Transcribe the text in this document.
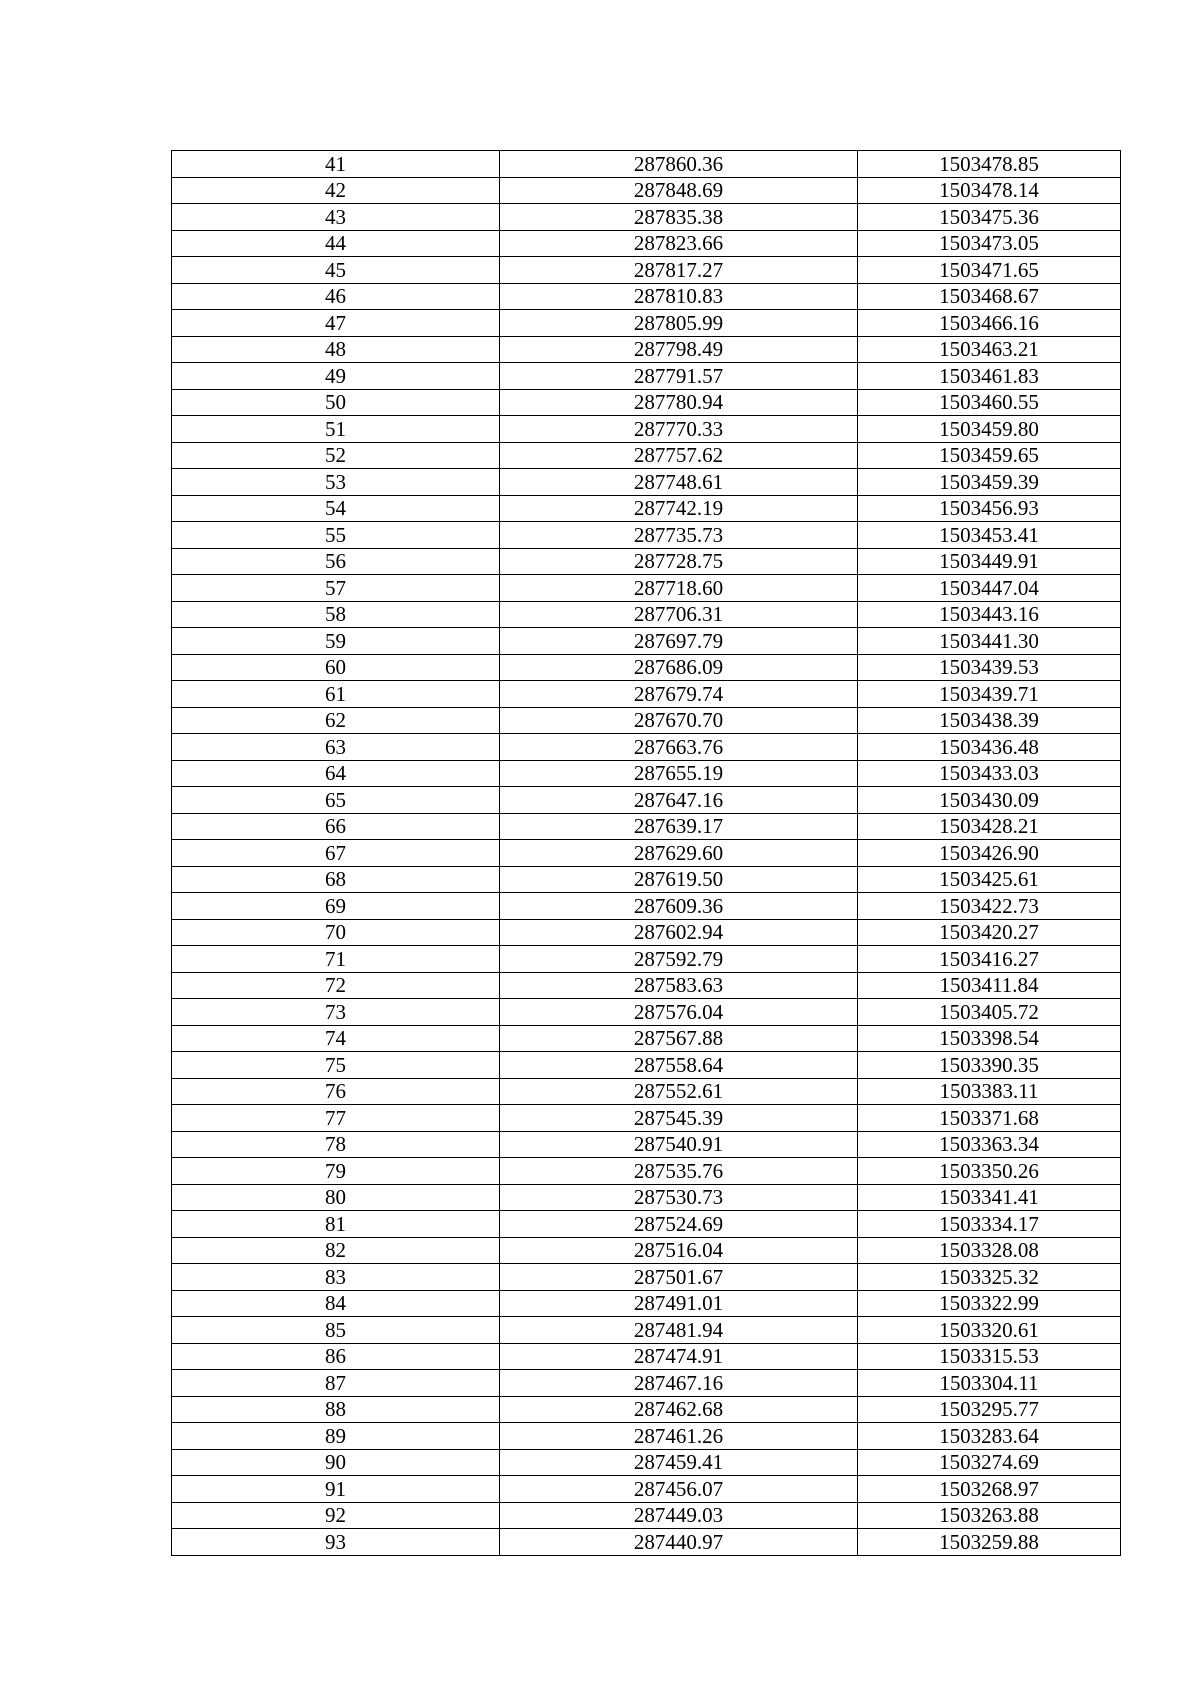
41	287860.36	1503478.85
42	287848.69	1503478.14
43	287835.38	1503475.36
44	287823.66	1503473.05
45	287817.27	1503471.65
46	287810.83	1503468.67
47	287805.99	1503466.16
48	287798.49	1503463.21
49	287791.57	1503461.83
50	287780.94	1503460.55
51	287770.33	1503459.80
52	287757.62	1503459.65
53	287748.61	1503459.39
54	287742.19	1503456.93
55	287735.73	1503453.41
56	287728.75	1503449.91
57	287718.60	1503447.04
58	287706.31	1503443.16
59	287697.79	1503441.30
60	287686.09	1503439.53
61	287679.74	1503439.71
62	287670.70	1503438.39
63	287663.76	1503436.48
64	287655.19	1503433.03
65	287647.16	1503430.09
66	287639.17	1503428.21
67	287629.60	1503426.90
68	287619.50	1503425.61
69	287609.36	1503422.73
70	287602.94	1503420.27
71	287592.79	1503416.27
72	287583.63	1503411.84
73	287576.04	1503405.72
74	287567.88	1503398.54
75	287558.64	1503390.35
76	287552.61	1503383.11
77	287545.39	1503371.68
78	287540.91	1503363.34
79	287535.76	1503350.26
80	287530.73	1503341.41
81	287524.69	1503334.17
82	287516.04	1503328.08
83	287501.67	1503325.32
84	287491.01	1503322.99
85	287481.94	1503320.61
86	287474.91	1503315.53
87	287467.16	1503304.11
88	287462.68	1503295.77
89	287461.26	1503283.64
90	287459.41	1503274.69
91	287456.07	1503268.97
92	287449.03	1503263.88
93	287440.97	1503259.88
